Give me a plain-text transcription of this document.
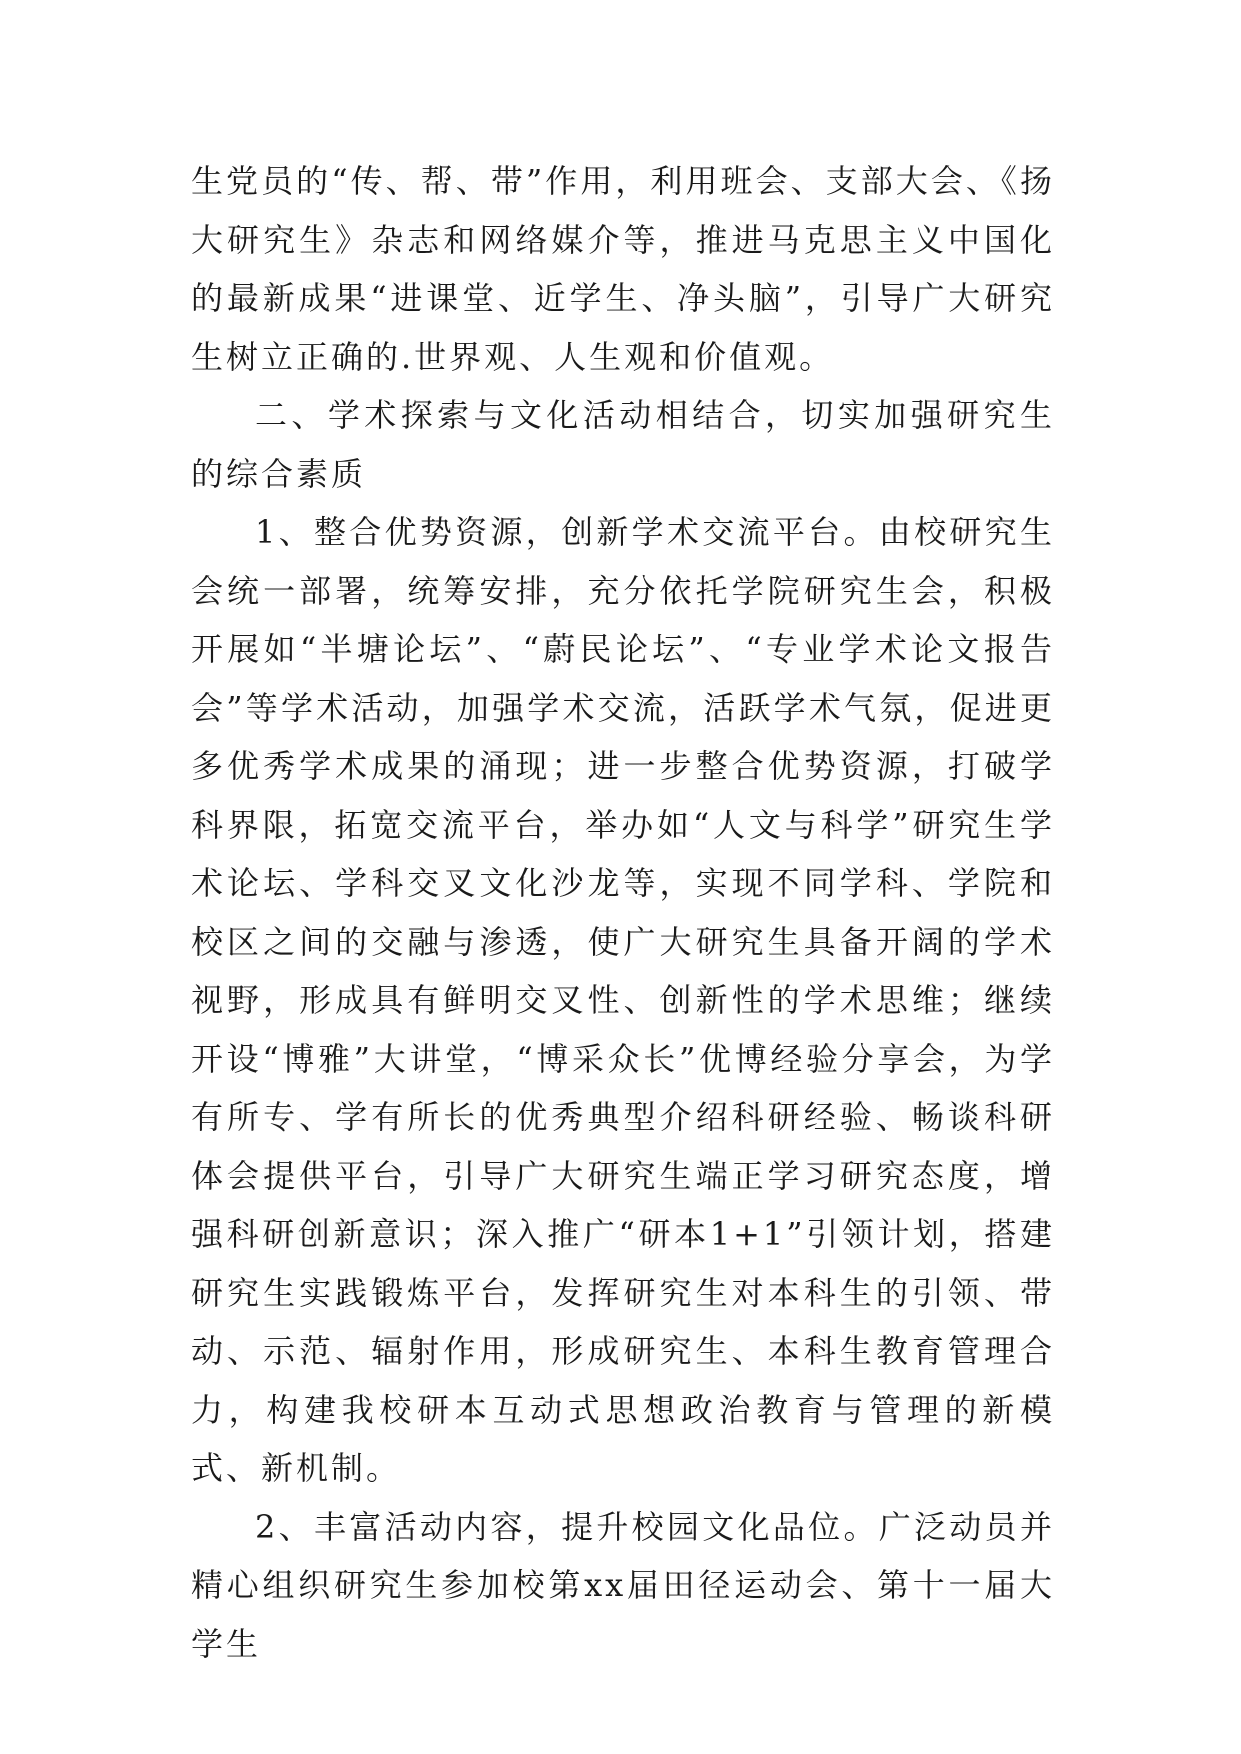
生党员的“传、帮、带”作用，利用班会、支部大会、《扬大研究生》杂志和网络媒介等，推进马克思主义中国化的最新成果“进课堂、近学生、净头脑”，引导广大研究生树立正确的.世界观、人生观和价值观。

二、学术探索与文化活动相结合，切实加强研究生的综合素质

1、整合优势资源，创新学术交流平台。由校研究生会统一部署，统筹安排，充分依托学院研究生会，积极开展如“半塘论坛”、“蔚民论坛”、“专业学术论文报告会”等学术活动，加强学术交流，活跃学术气氛，促进更多优秀学术成果的涌现；进一步整合优势资源，打破学科界限，拓宽交流平台，举办如“人文与科学”研究生学术论坛、学科交叉文化沙龙等，实现不同学科、学院和校区之间的交融与渗透，使广大研究生具备开阔的学术视野，形成具有鲜明交叉性、创新性的学术思维；继续开设“博雅”大讲堂，“博采众长”优博经验分享会，为学有所专、学有所长的优秀典型介绍科研经验、畅谈科研体会提供平台，引导广大研究生端正学习研究态度，增强科研创新意识；深入推广“研本1+1”引领计划，搭建研究生实践锻炼平台，发挥研究生对本科生的引领、带动、示范、辐射作用，形成研究生、本科生教育管理合力，构建我校研本互动式思想政治教育与管理的新模式、新机制。

2、丰富活动内容，提升校园文化品位。广泛动员并精心组织研究生参加校第xx届田径运动会、第十一届大学生
